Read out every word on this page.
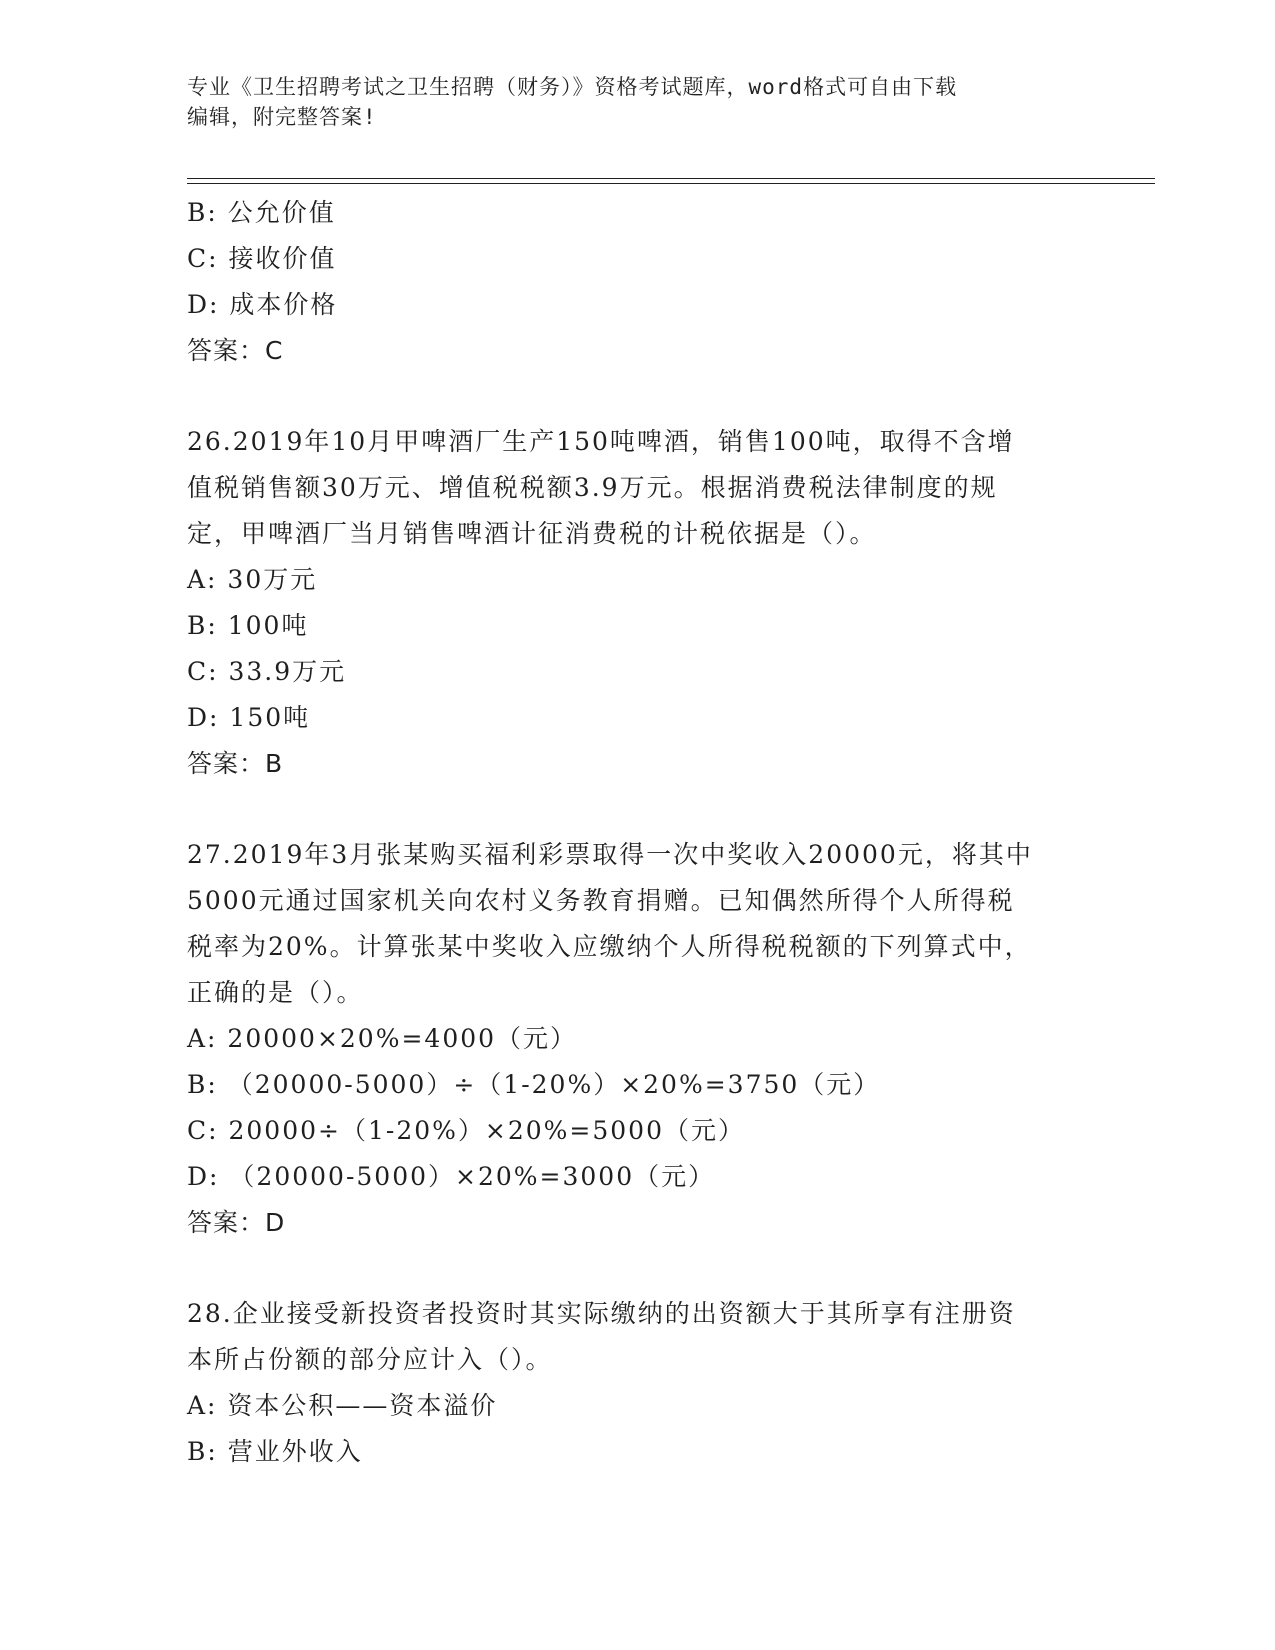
专业《卫生招聘考试之卫生招聘（财务）》资格考试题库，word格式可自由下载
编辑，附完整答案!
B: 公允价值
C: 接收价值
D: 成本价格
答案：C
26.2019年10月甲啤酒厂生产150吨啤酒，销售100吨，取得不含增
值税销售额30万元、增值税税额3.9万元。根据消费税法律制度的规
定，甲啤酒厂当月销售啤酒计征消费税的计税依据是（）。
A: 30万元
B: 100吨
C: 33.9万元
D: 150吨
答案：B
27.2019年3月张某购买福利彩票取得一次中奖收入20000元，将其中
5000元通过国家机关向农村义务教育捐赠。已知偶然所得个人所得税
税率为20%。计算张某中奖收入应缴纳个人所得税税额的下列算式中，
正确的是（）。
A: 20000×20%=4000（元）
B: （20000-5000）÷（1-20%）×20%=3750（元）
C: 20000÷（1-20%）×20%=5000（元）
D: （20000-5000）×20%=3000（元）
答案：D
28.企业接受新投资者投资时其实际缴纳的出资额大于其所享有注册资
本所占份额的部分应计入（）。
A: 资本公积——资本溢价
B: 营业外收入
